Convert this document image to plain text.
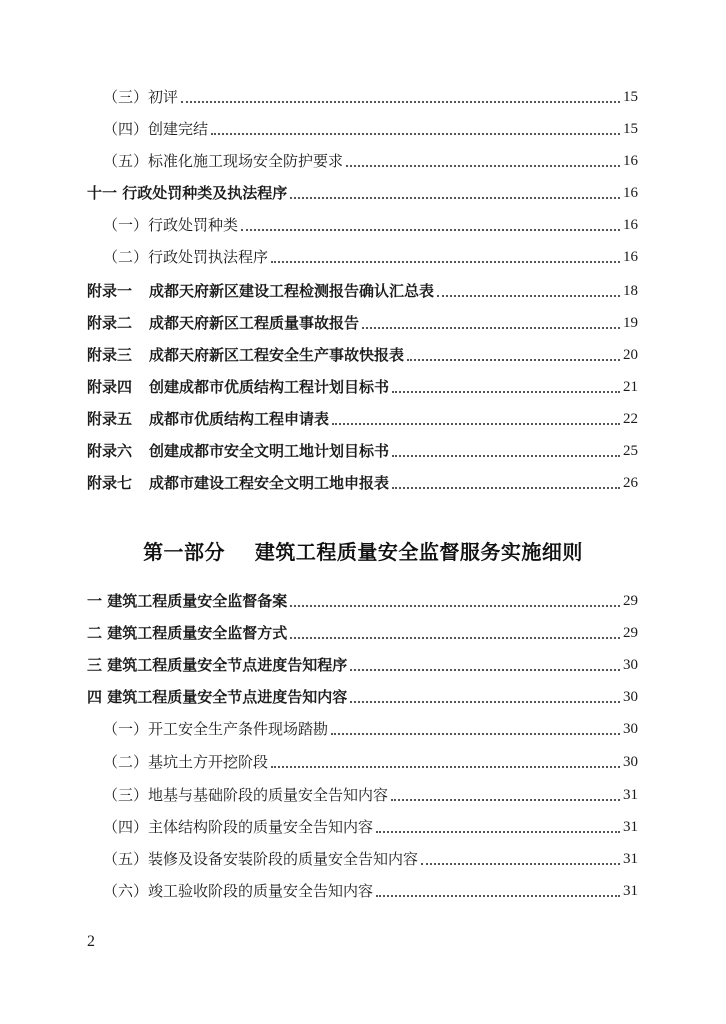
（三）初评	15
（四）创建完结	15
（五）标准化施工现场安全防护要求	16
十一 行政处罚种类及执法程序	16
（一）行政处罚种类	16
（二）行政处罚执法程序	16
附录一 成都天府新区建设工程检测报告确认汇总表	18
附录二 成都天府新区工程质量事故报告	19
附录三 成都天府新区工程安全生产事故快报表	20
附录四 创建成都市优质结构工程计划目标书	21
附录五 成都市优质结构工程申请表	22
附录六 创建成都市安全文明工地计划目标书	25
附录七 成都市建设工程安全文明工地申报表	26
第一部分    建筑工程质量安全监督服务实施细则
一 建筑工程质量安全监督备案	29
二 建筑工程质量安全监督方式	29
三 建筑工程质量安全节点进度告知程序	30
四 建筑工程质量安全节点进度告知内容	30
（一）开工安全生产条件现场踏勘	30
（二）基坑土方开挖阶段	30
（三）地基与基础阶段的质量安全告知内容	31
（四）主体结构阶段的质量安全告知内容	31
（五）装修及设备安装阶段的质量安全告知内容	31
（六）竣工验收阶段的质量安全告知内容	31
2
